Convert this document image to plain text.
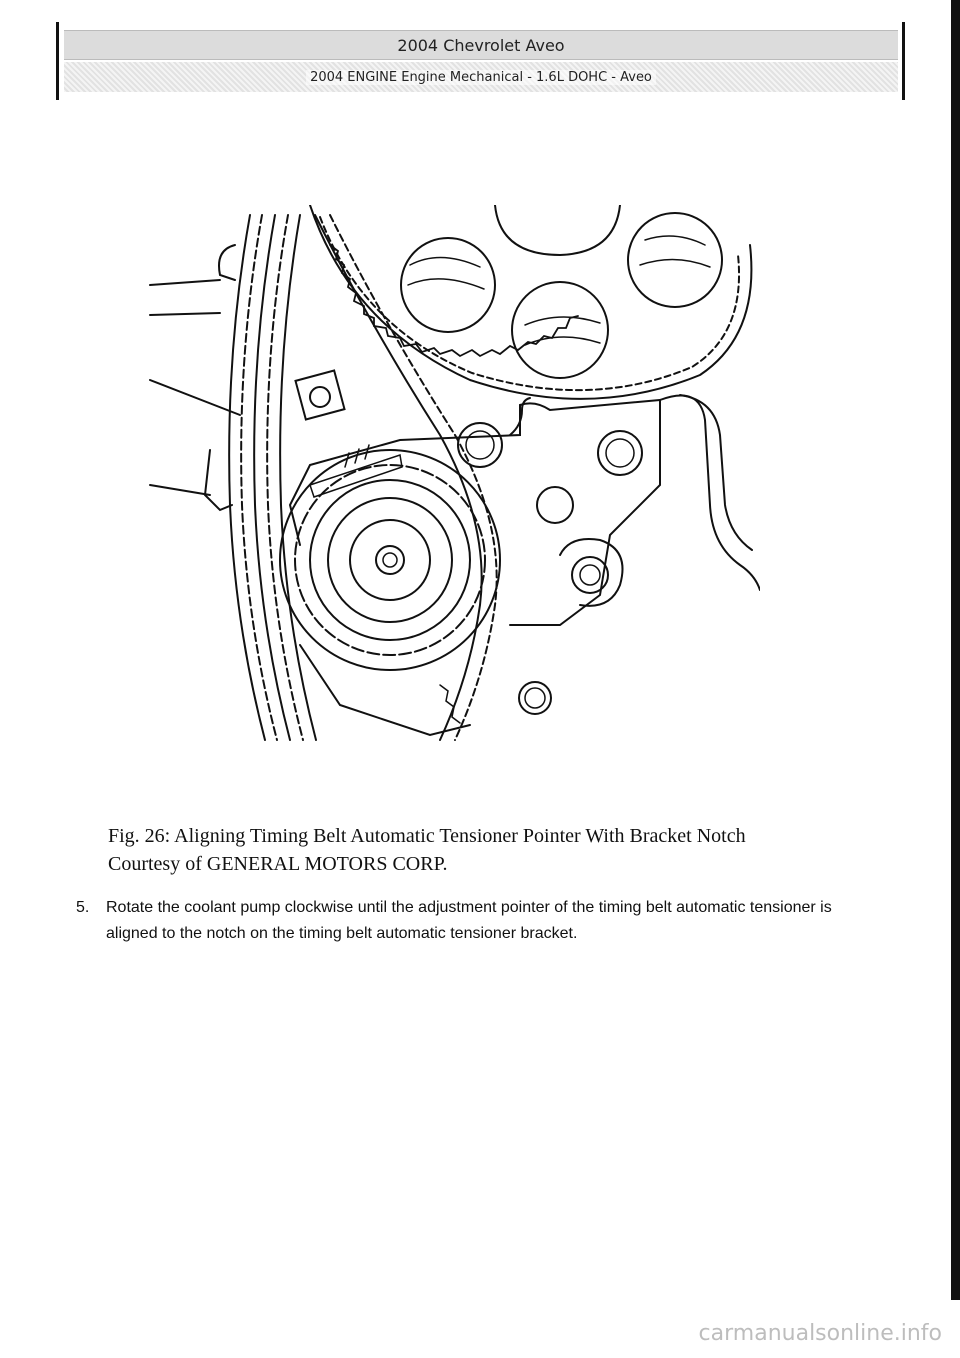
2004 Chevrolet Aveo
2004 ENGINE Engine Mechanical - 1.6L DOHC - Aveo
Fig. 26: Aligning Timing Belt Automatic Tensioner Pointer With Bracket Notch
Courtesy of GENERAL MOTORS CORP.
5. Rotate the coolant pump clockwise until the adjustment pointer of the timing belt automatic tensioner is aligned to the notch on the timing belt automatic tensioner bracket.
carmanualsonline.info
